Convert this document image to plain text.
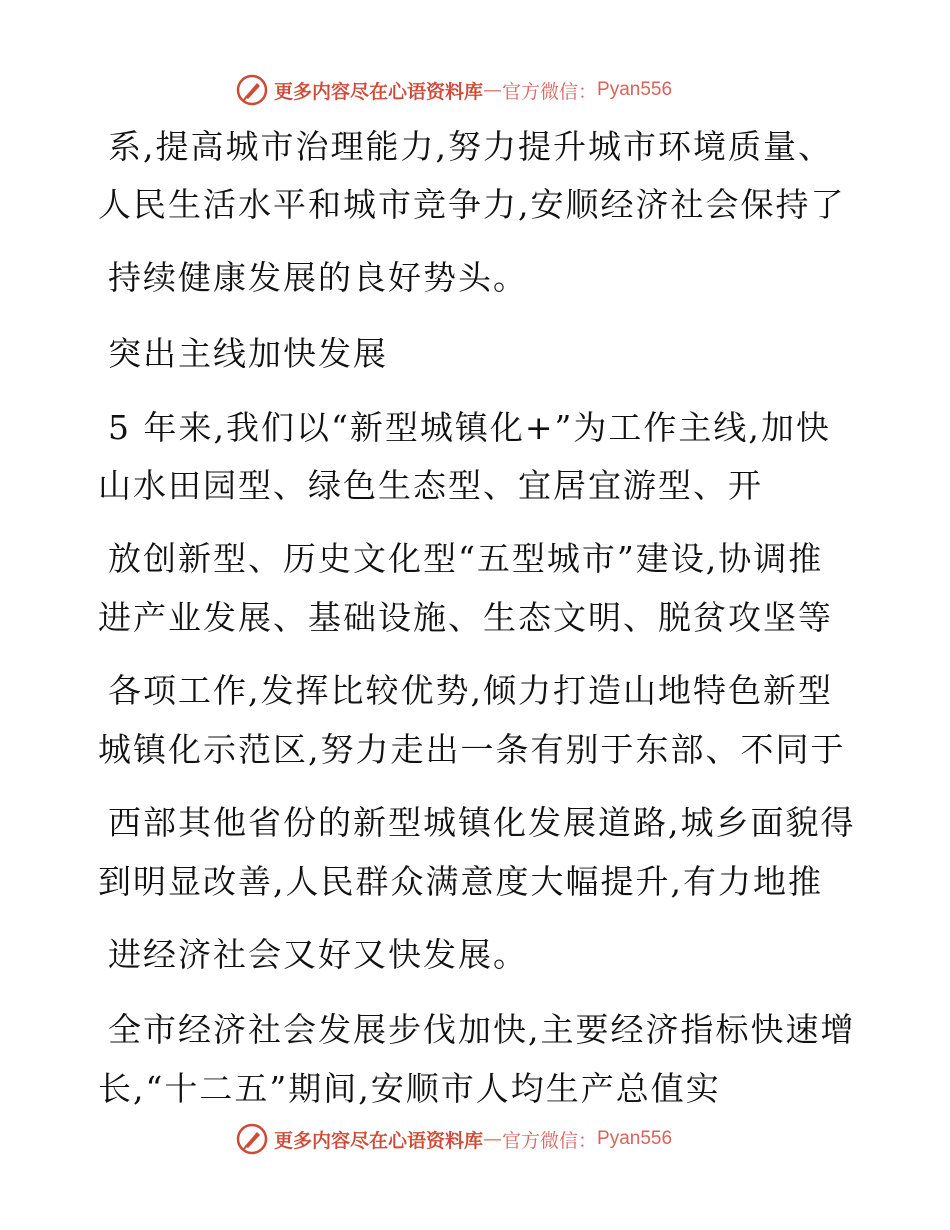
更多内容尽在心语资料库 — 官方微信： Pyan556
系,提高城市治理能力,努力提升城市环境质量、
人民生活水平和城市竞争力,安顺经济社会保持了
持续健康发展的良好势头。
突出主线加快发展
5 年来,我们以“新型城镇化+”为工作主线,加快
山水田园型、绿色生态型、宜居宜游型、开
放创新型、历史文化型“五型城市”建设,协调推
进产业发展、基础设施、生态文明、脱贫攻坚等
各项工作,发挥比较优势,倾力打造山地特色新型
城镇化示范区,努力走出一条有别于东部、不同于
西部其他省份的新型城镇化发展道路,城乡面貌得
到明显改善,人民群众满意度大幅提升,有力地推
进经济社会又好又快发展。
全市经济社会发展步伐加快,主要经济指标快速增
长,“十二五”期间,安顺市人均生产总值实
更多内容尽在心语资料库 — 官方微信： Pyan556
